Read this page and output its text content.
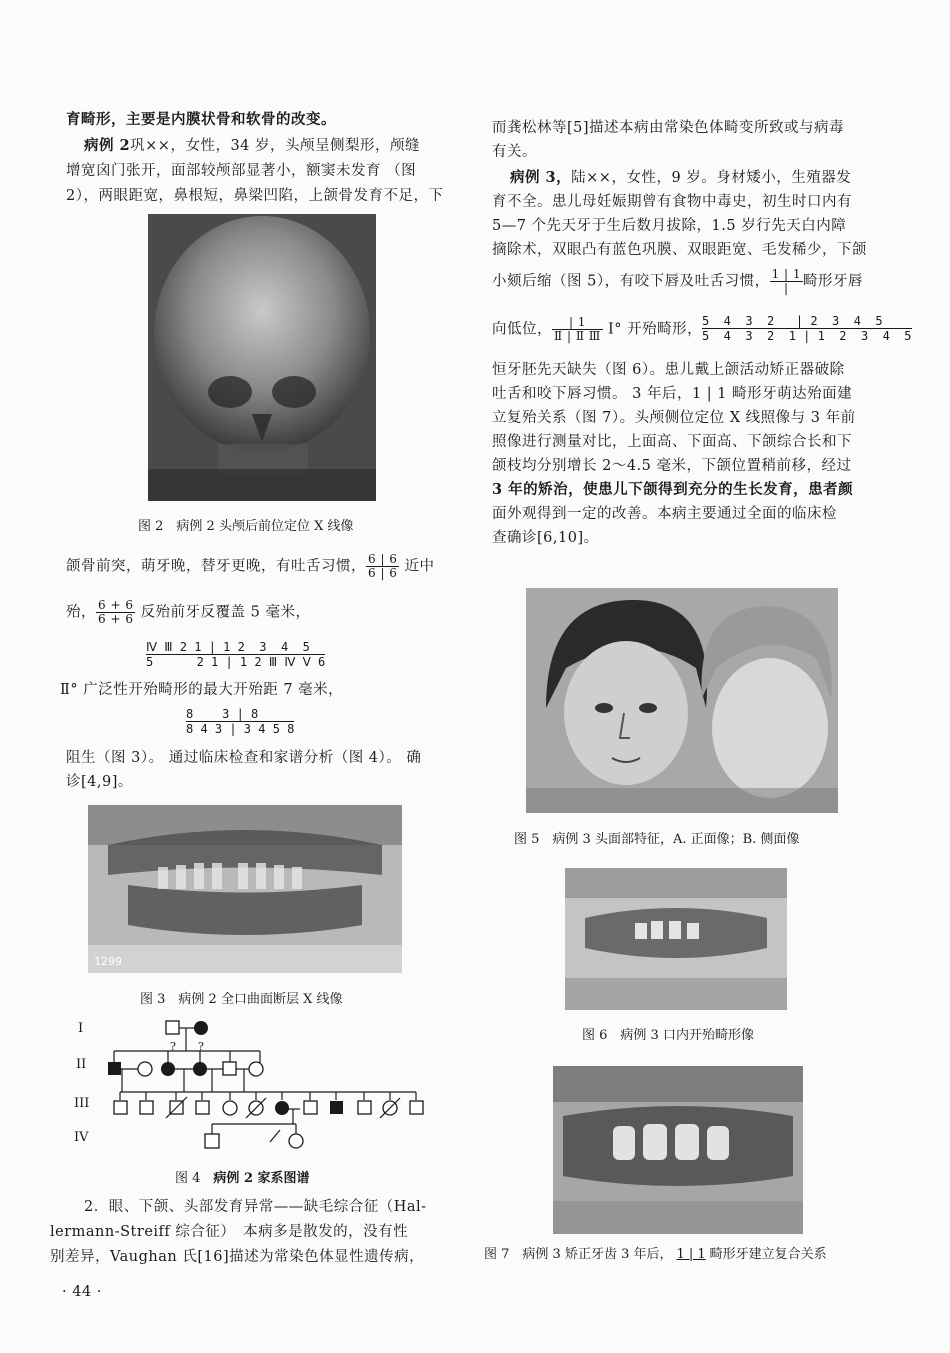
育畸形，主要是内膜状骨和软骨的改变。
病例 2巩××，女性，34 岁，头颅呈侧梨形，颅缝
增宽囟门张开，面部较颅部显著小，额窦未发育 （图
2），两眼距宽，鼻根短，鼻梁凹陷，上颌骨发育不足，下
图 2　病例 2 头颅后前位定位 X 线像
颌骨前突，萌牙晚，替牙更晚，有吐舌习惯， $\frac{6 | 6}{6 | 6}$ 近中
殆， $\frac{6 + 6}{6 + 6}$ 反殆前牙反覆盖 5 毫米，
Ⅳ Ⅲ 2 1 | 1 2  3  4  5
5      2 1 | 1 2 Ⅲ Ⅳ Ⅴ 6
Ⅱ° 广泛性开殆畸形的最大开殆距 7 毫米，
8    3 | 8
8 4 3 | 3 4 5 8
阻生（图 3）。 通过临床检查和家谱分析（图 4）。 确
诊[4,9]。
1299
图 3　病例 2 全口曲面断层 X 线像
I
II
III
IV
? ?
图 4　 病例 2 家系图谱
2．眼、下颌、头部发育异常——缺毛综合征（Hal-
lermann-Streiff 综合征）　本病多是散发的，没有性
别差异，Vaughan 氏[16]描述为常染色体显性遗传病，
· 44 ·
而龚松林等[5]描述本病由常染色体畸变所致或与病毒
有关。
病例 3，陆××，女性，9 岁。身材矮小，生殖器发
育不全。患儿母妊娠期曾有食物中毒史，初生时口内有
5—7 个先天牙于生后数月拔除，1.5 岁行先天白内障
摘除术，双眼凸有蓝色巩膜、双眼距宽、毛发稀少，下颌
小颏后缩（图 5），有咬下唇及吐舌习惯， $\frac{1 | 1}{|}$ 畸形牙唇
向低位， $\frac{| 1}{\text{Ⅱ | Ⅱ Ⅲ}}$ Ⅰ° 开殆畸形，
5  4  3  2   | 2  3  4  5
5  4  3  2  1 | 1  2  3  4  5
恒牙胚先天缺失（图 6）。患儿戴上颌活动矫正器破除
吐舌和咬下唇习惯。 3 年后，1 | 1 畸形牙萌达殆面建
立复殆关系（图 7）。头颅侧位定位 X 线照像与 3 年前
照像进行测量对比，上面高、下面高、下颌综合长和下
颌枝均分别增长 2～4.5 毫米，下颌位置稍前移，经过
3 年的矫治，使患儿下颌得到充分的生长发育，患者颜
面外观得到一定的改善。本病主要通过全面的临床检
查确诊[6,10]。
图 5　病例 3 头面部特征，A. 正面像；B. 侧面像
图 6　病例 3 口内开殆畸形像
图 7　病例 3 矫正牙齿 3 年后， 1 | 1 畸形牙建立复合关系
